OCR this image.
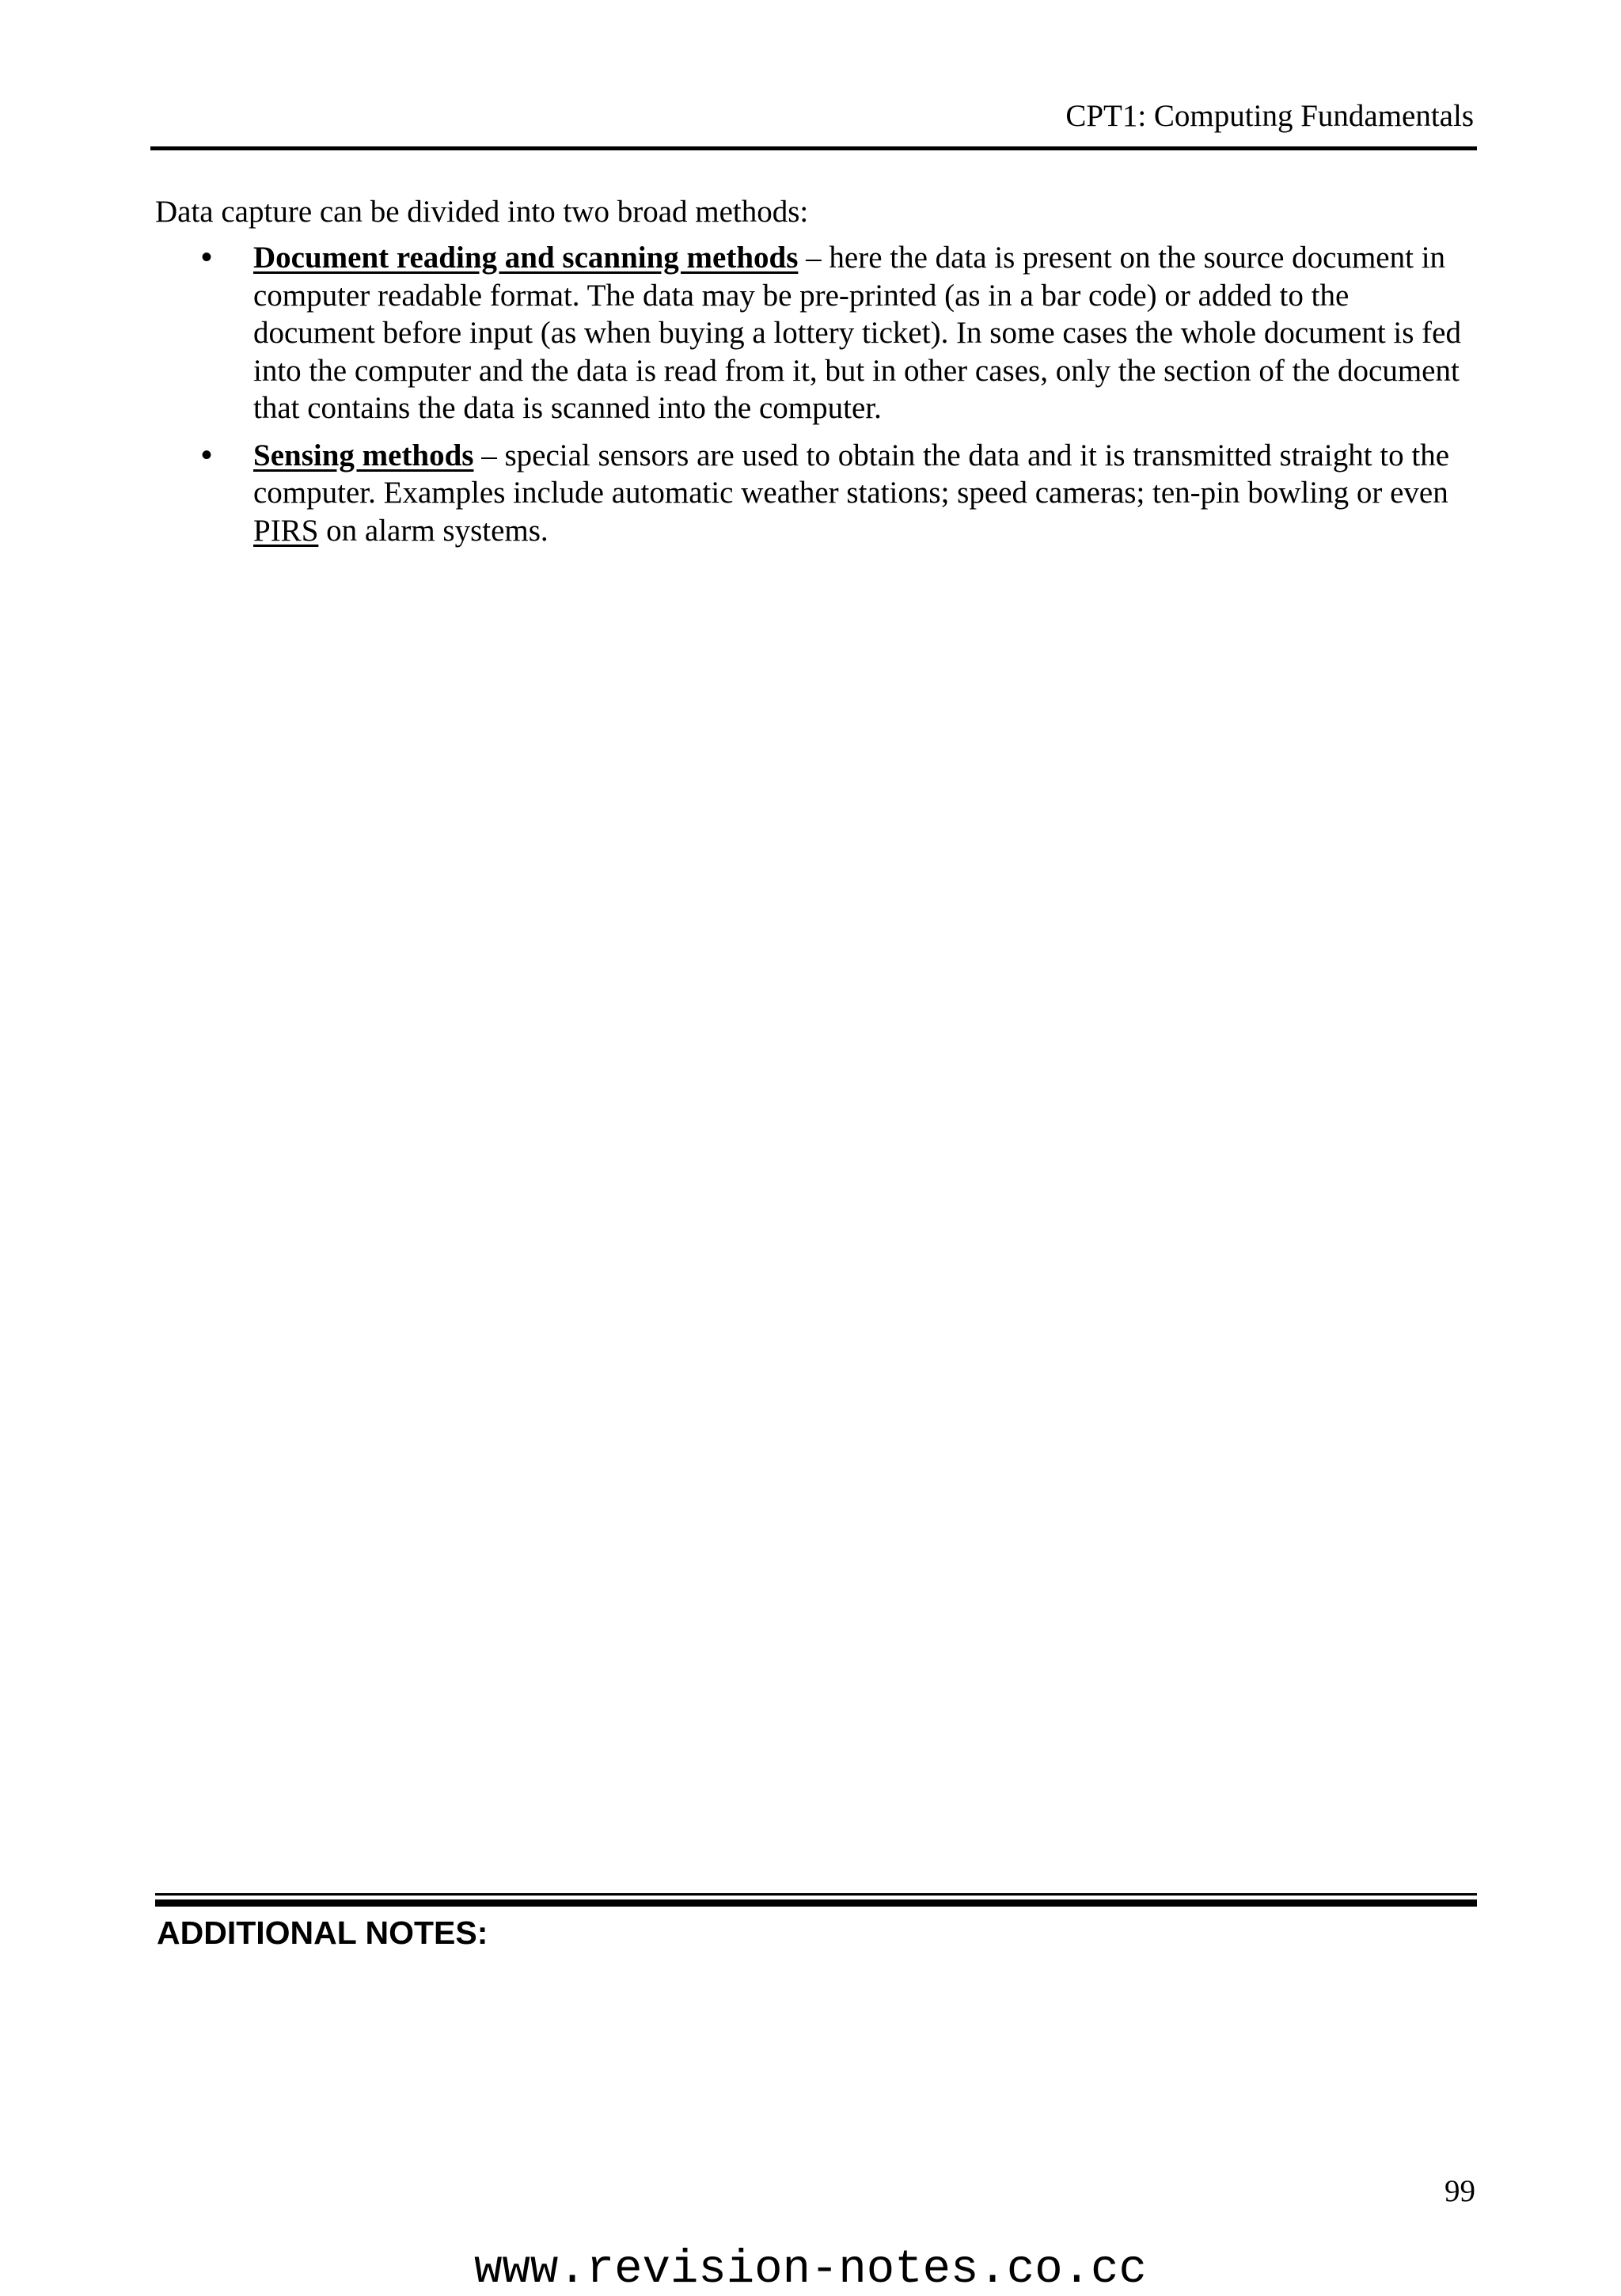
CPT1: Computing Fundamentals

Data capture can be divided into two broad methods:

• Document reading and scanning methods – here the data is present on the source document in computer readable format. The data may be pre-printed (as in a bar code) or added to the document before input (as when buying a lottery ticket). In some cases the whole document is fed into the computer and the data is read from it, but in other cases, only the section of the document that contains the data is scanned into the computer.
• Sensing methods – special sensors are used to obtain the data and it is transmitted straight to the computer. Examples include automatic weather stations; speed cameras; ten-pin bowling or even PIRS on alarm systems.
ADDITIONAL NOTES:
99
www.revision-notes.co.cc
